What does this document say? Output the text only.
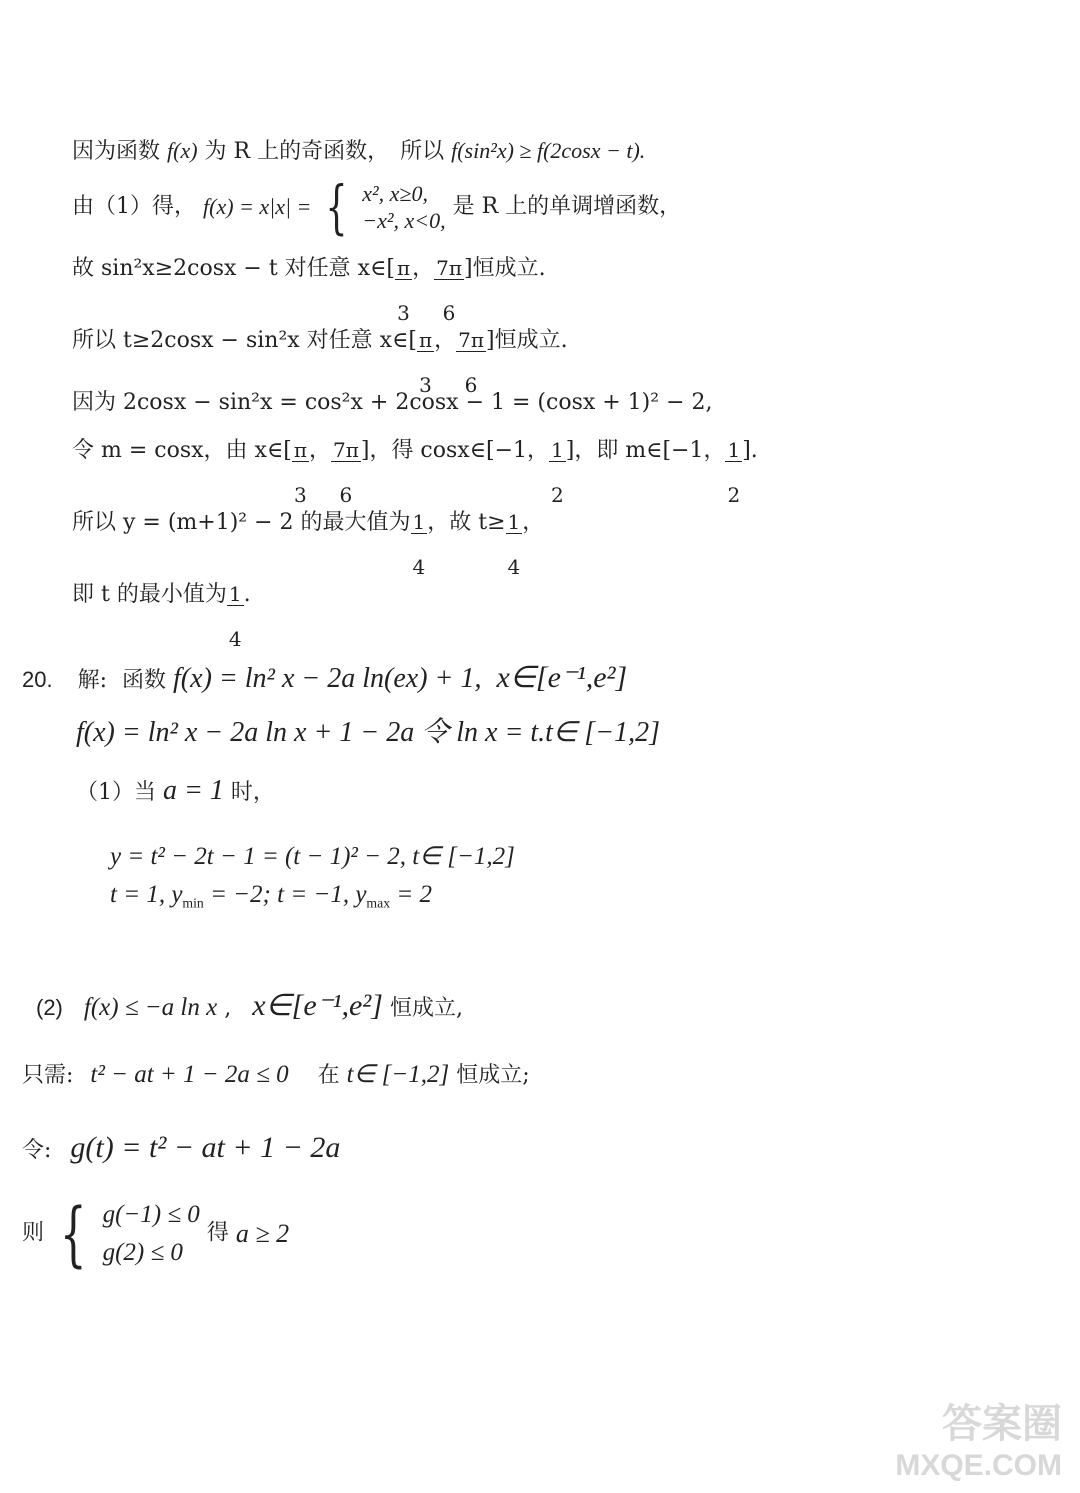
因为函数 f(x) 为 R 上的奇函数，　所以 f(sin²x) ≥ f(2cosx − t).
由（1）得， f(x) = x|x| = { x², x≥0,
−x², x<0,
是 R 上的单调增函数，
故 sin²x≥2cosx − t 对任意 x∈[ $\frac{\pi}{3}$ ， $\frac{7\pi}{6}$ ]恒成立.
所以 t≥2cosx − sin²x 对任意 x∈[ $\frac{\pi}{3}$ ， $\frac{7\pi}{6}$ ]恒成立.
因为 2cosx − sin²x = cos²x + 2cosx − 1 = (cosx + 1)² − 2,
令 m = cosx，由 x∈[ $\frac{\pi}{3}$ ， $\frac{7\pi}{6}$ ]，得 cosx∈[−1， $\frac{1}{2}$ ]，即 m∈[−1， $\frac{1}{2}$ ].
所以 y = (m+1)² − 2 的最大值为 $\frac{1}{4}$ ，故 $t\ge \frac{1}{4}$ ，
即 t 的最小值为 $\frac{1}{4}$ .
20. 解: 函数 f(x) = ln² x − 2a ln(ex) + 1, x∈[e⁻¹,e²]
f(x) = ln² x − 2a ln x + 1 − 2a 令 ln x = t.t∈ [−1,2]
（1）当 a = 1 时，
y = t² − 2t − 1 = (t − 1)² − 2, t∈ [−1,2]
t = 1, $y_{min} = -2$; t = −1, $y_{max} = 2$
(2) f(x) ≤ −a ln x , x∈[e⁻¹,e²] 恒成立,
只需: t² − at + 1 − 2a ≤ 0 在 t∈ [−1,2] 恒成立;
令: g(t) = t² − at + 1 − 2a
则 { g(−1) ≤ 0
g(2) ≤ 0
得 a ≥ 2
答案圈
MXQE.COM
